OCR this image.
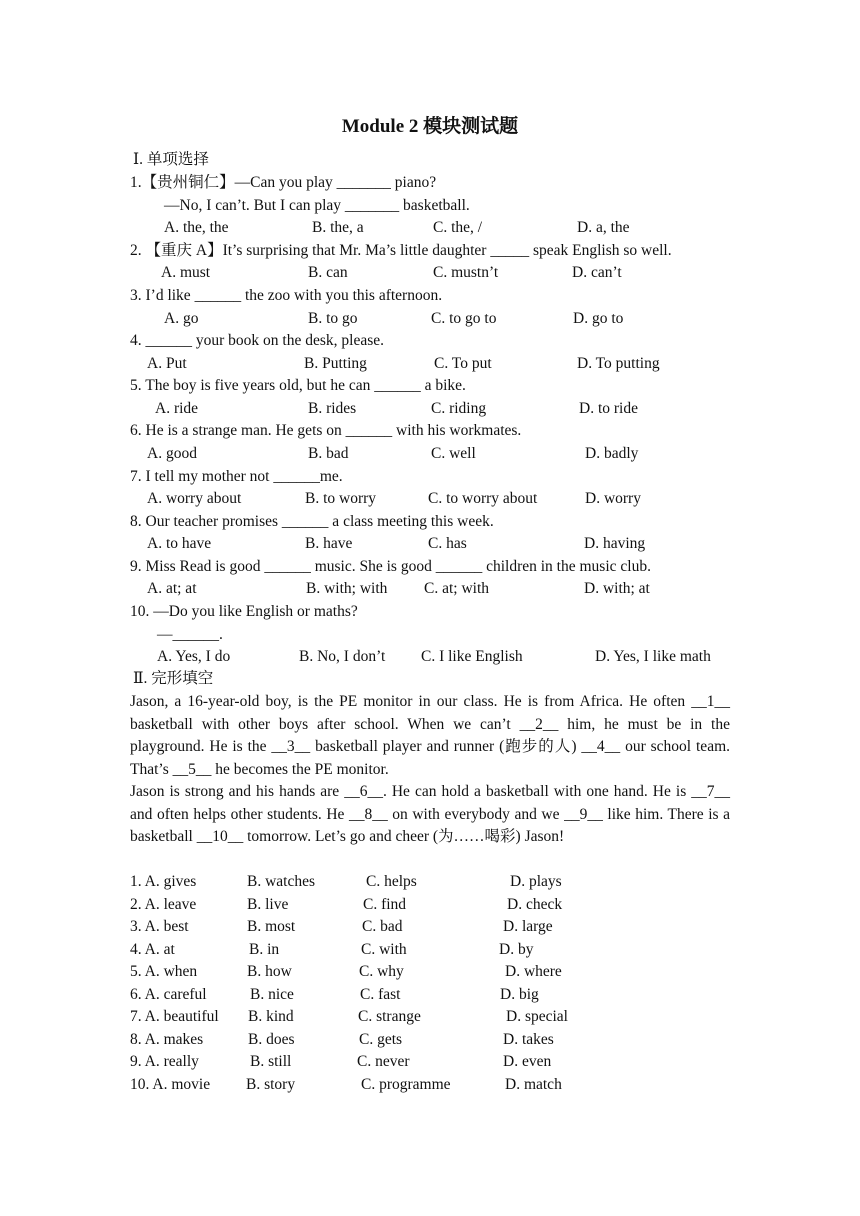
Module 2 模块测试题
Ⅰ. 单项选择
1.【贵州铜仁】—Can you play _______ piano?
—No, I can’t. But I can play _______ basketball.
A. the, the	B. the, a	C. the, /	D. a, the
2. 【重庆 A】It’s surprising that Mr. Ma’s little daughter _____ speak English so well.
A. must	B. can	C. mustn’t	D. can’t
3. I’d like ______ the zoo with you this afternoon.
A. go	B. to go	C. to go to	D. go to
4. ______ your book on the desk, please.
A. Put	B. Putting	C. To put	D. To putting
5. The boy is five years old, but he can ______ a bike.
A. ride	B. rides	C. riding	D. to ride
6. He is a strange man. He gets on ______ with his workmates.
A. good	B. bad	C. well	D. badly
7. I tell my mother not ______me.
A. worry about	B. to worry	C. to worry about	D. worry
8. Our teacher promises ______ a class meeting this week.
A. to have	B. have	C. has	D. having
9. Miss Read is good ______ music. She is good ______ children in the music club.
A. at; at	B. with; with C. at; with	D. with; at
10. —Do you like English or maths?
—______.
A. Yes, I do	B. No, I don’t C. I like English	D. Yes, I like math
Ⅱ. 完形填空
Jason, a 16-year-old boy, is the PE monitor in our class. He is from Africa. He often __1__ basketball with other boys after school. When we can’t __2__ him, he must be in the playground. He is the __3__ basketball player and runner (跑步的人) __4__ our school team. That’s __5__ he becomes the PE monitor.
Jason is strong and his hands are __6__. He can hold a basketball with one hand. He is __7__ and often helps other students. He __8__ on with everybody and we __9__ like him. There is a basketball __10__ tomorrow. Let’s go and cheer (为……喝彩) Jason!
1. A. gives	B. watches	C. helps	D. plays
2. A. leave	B. live	C. find	D. check
3. A. best	B. most	C. bad	D. large
4. A. at	B. in	C. with	D. by
5. A. when	B. how	C. why	D. where
6. A. careful	B. nice	C. fast	D. big
7. A. beautiful B. kind	C. strange	D. special
8. A. makes	B. does	C. gets	D. takes
9. A. really	B. still	C. never	D. even
10. A. movie B. story	C. programme	D. match
